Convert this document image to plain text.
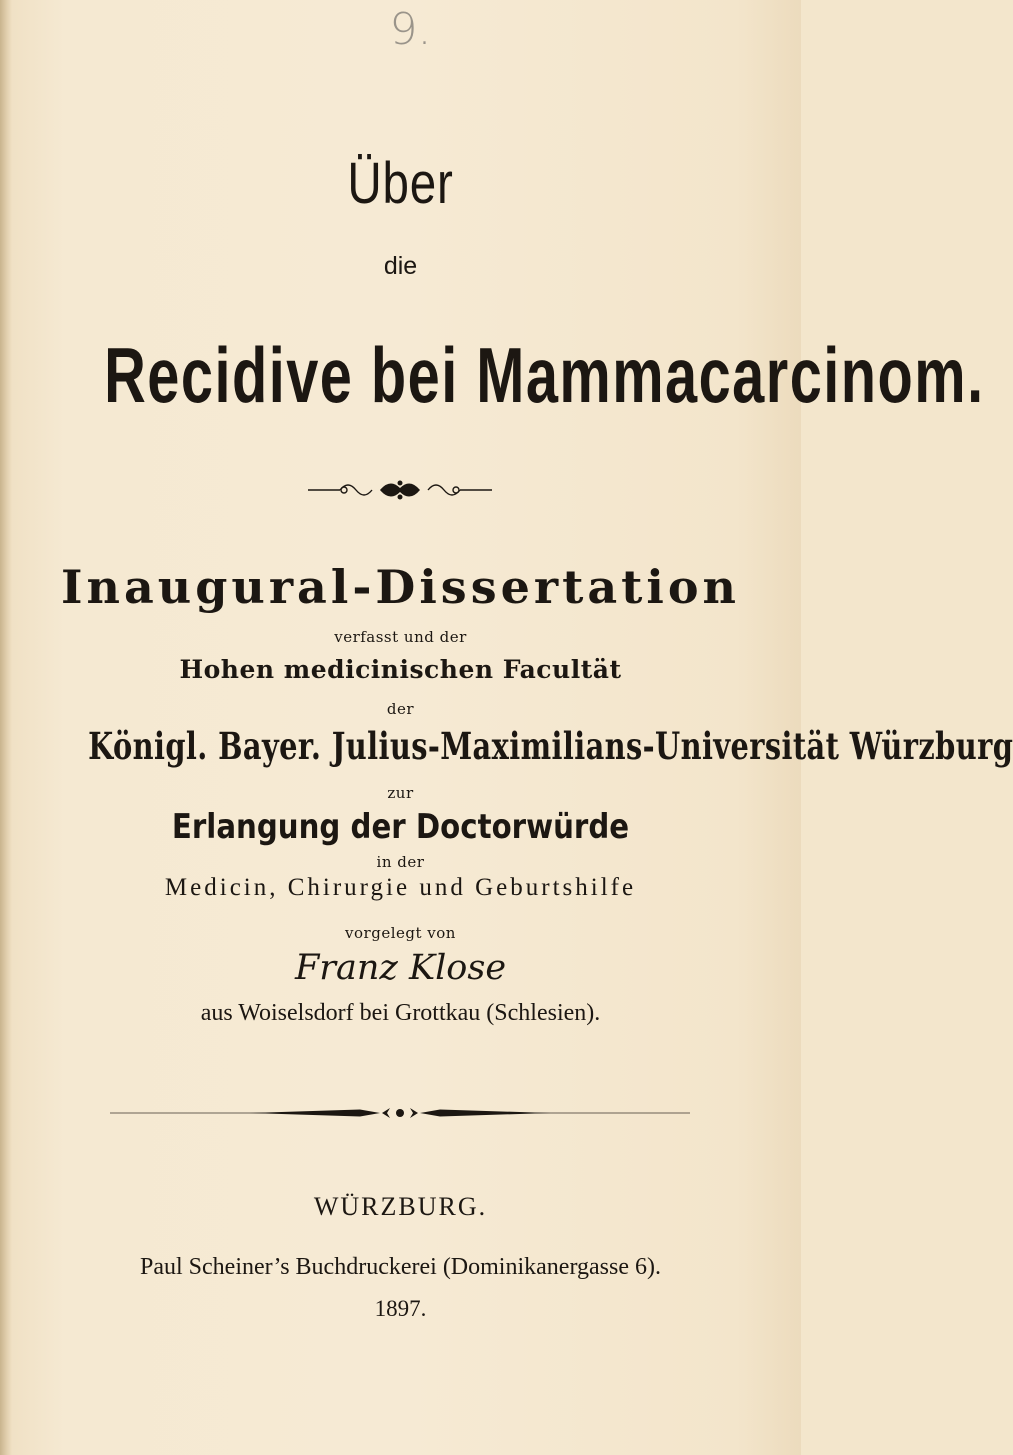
9.
Über
die
Recidive bei Mammacarcinom.
Inaugural-Dissertation
verfasst und der
Hohen medicinischen Facultät
der
Königl. Bayer. Julius-Maximilians-Universität Würzburg
zur
Erlangung der Doctorwürde
in der
Medicin, Chirurgie und Geburtshilfe
vorgelegt von
Franz Klose
aus Woiselsdorf bei Grottkau (Schlesien).
WÜRZBURG.
Paul Scheiner’s Buchdruckerei (Dominikanergasse 6).
1897.
